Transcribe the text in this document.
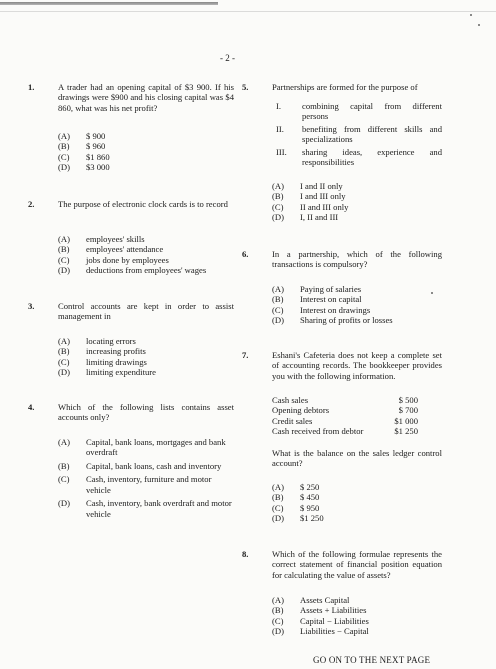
- 2 -
1.	A trader had an opening capital of $3 900. If his drawings were $900 and his closing capital was $4 860, what was his net profit?
(A)	$ 900
(B)	$ 960
(C)	$1 860
(D)	$3 000
2.	The purpose of electronic clock cards is to record
(A)	employees' skills
(B)	employees' attendance
(C)	jobs done by employees
(D)	deductions from employees' wages
3.	Control accounts are kept in order to assist management in
(A)	locating errors
(B)	increasing profits
(C)	limiting drawings
(D)	limiting expenditure
4.	Which of the following lists contains asset accounts only?
(A)	Capital, bank loans, mortgages and bank overdraft
(B)	Capital, bank loans, cash and inventory
(C)	Cash, inventory, furniture and motor vehicle
(D)	Cash, inventory, bank overdraft and motor vehicle
5.	Partnerships are formed for the purpose of
I.	combining capital from different persons
II.	benefiting from different skills and specializations
III.	sharing ideas, experience and responsibilities
(A)	I and II only
(B)	I and III only
(C)	II and III only
(D)	I, II and III
6.	In a partnership, which of the following transactions is compulsory?
(A)	Paying of salaries
(B)	Interest on capital
(C)	Interest on drawings
(D)	Sharing of profits or losses
7.	Eshani's Cafeteria does not keep a complete set of accounting records. The bookkeeper provides you with the following information.
Cash sales	$ 500
Opening debtors	$ 700
Credit sales	$1 000
Cash received from debtor	$1 250
What is the balance on the sales ledger control account?
(A)	$ 250
(B)	$ 450
(C)	$ 950
(D)	$1 250
8.	Which of the following formulae represents the correct statement of financial position equation for calculating the value of assets?
(A)	Assets Capital
(B)	Assets + Liabilities
(C)	Capital − Liabilities
(D)	Liabilities − Capital
GO ON TO THE NEXT PAGE
